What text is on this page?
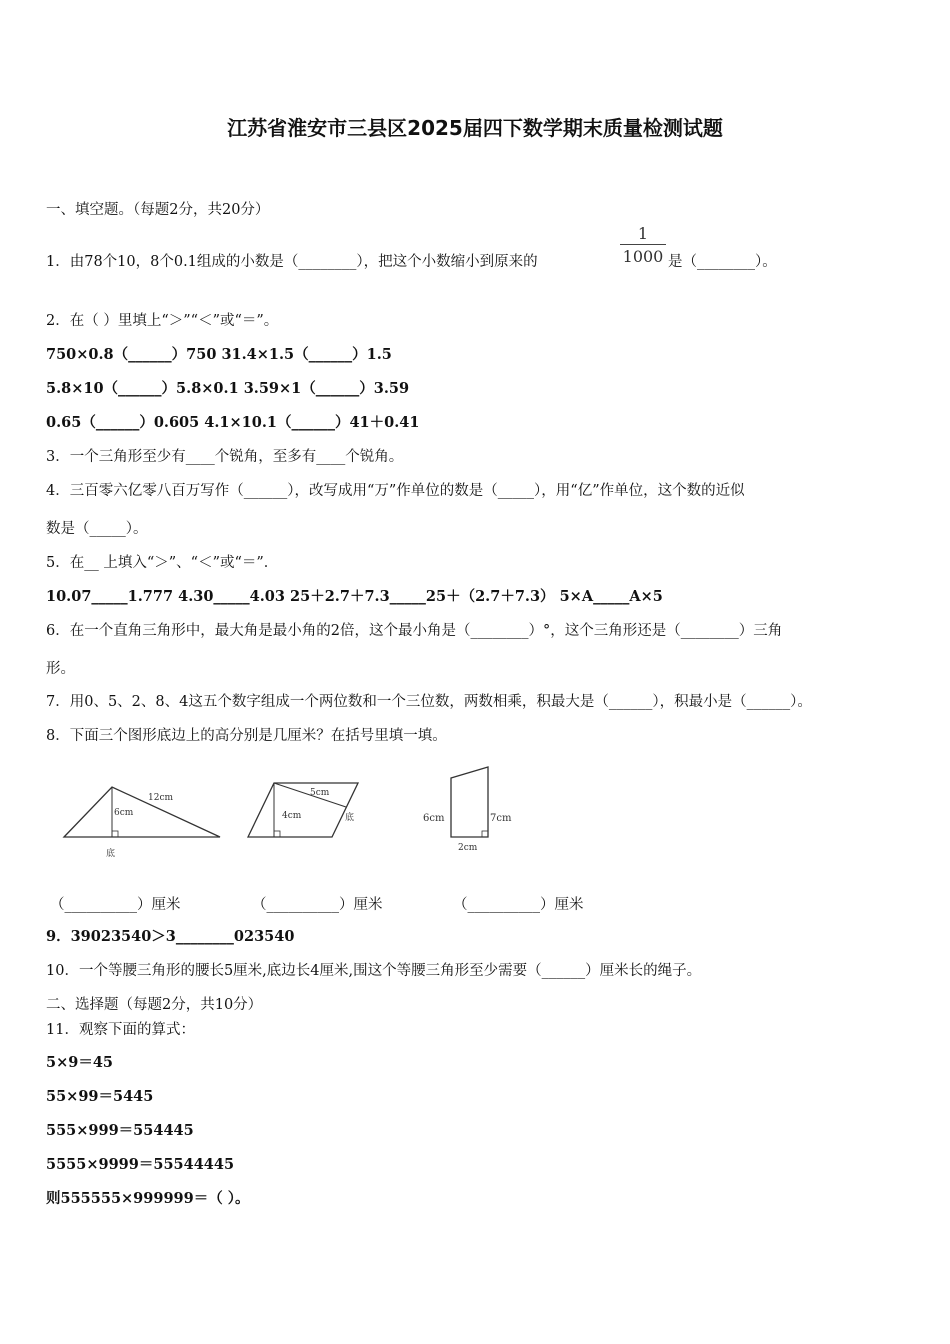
江苏省淮安市三县区2025届四下数学期末质量检测试题
一、填空题。（每题2分，共20分）
1．由78个10，8个0.1组成的小数是（________），把这个小数缩小到原来的	$\frac{1}{1000}$ 是（________）。
2．在（ ）里填上“＞”“＜”或“＝”。
750×0.8（______）750 31.4×1.5（______）1.5
5.8×10（______）5.8×0.1 3.59×1（______）3.59
0.65（______）0.605 4.1×10.1（______）41＋0.41
3．一个三角形至少有____个锐角，至多有____个锐角。
4．三百零六亿零八百万写作（______），改写成用“万”作单位的数是（_____），用“亿”作单位，这个数的近似
数是（_____）。
5．在__ 上填入“＞”、“＜”或“＝”．
10.07_____1.777 4.30_____4.03 25＋2.7＋7.3_____25＋（2.7＋7.3） 5×A_____A×5
6．在一个直角三角形中，最大角是最小角的2倍，这个最小角是（________）°，这个三角形还是（________）三角
形。
7．用0、5、2、8、4这五个数字组成一个两位数和一个三位数，两数相乘，积最大是（______），积最小是（______）。
8．下面三个图形底边上的高分别是几厘米？在括号里填一填。
12cm
6cm
底
5cm
4cm	底	6cm	7cm
2cm
（__________）厘米	（__________）厘米	（__________）厘米
9．39023540＞3________023540
10．一个等腰三角形的腰长5厘米,底边长4厘米,围这个等腰三角形至少需要（______）厘米长的绳子。
二、选择题（每题2分，共10分）
11．观察下面的算式：
5×9＝45
55×99＝5445
555×999＝554445
5555×9999＝55544445
则555555×999999＝（ ）。
